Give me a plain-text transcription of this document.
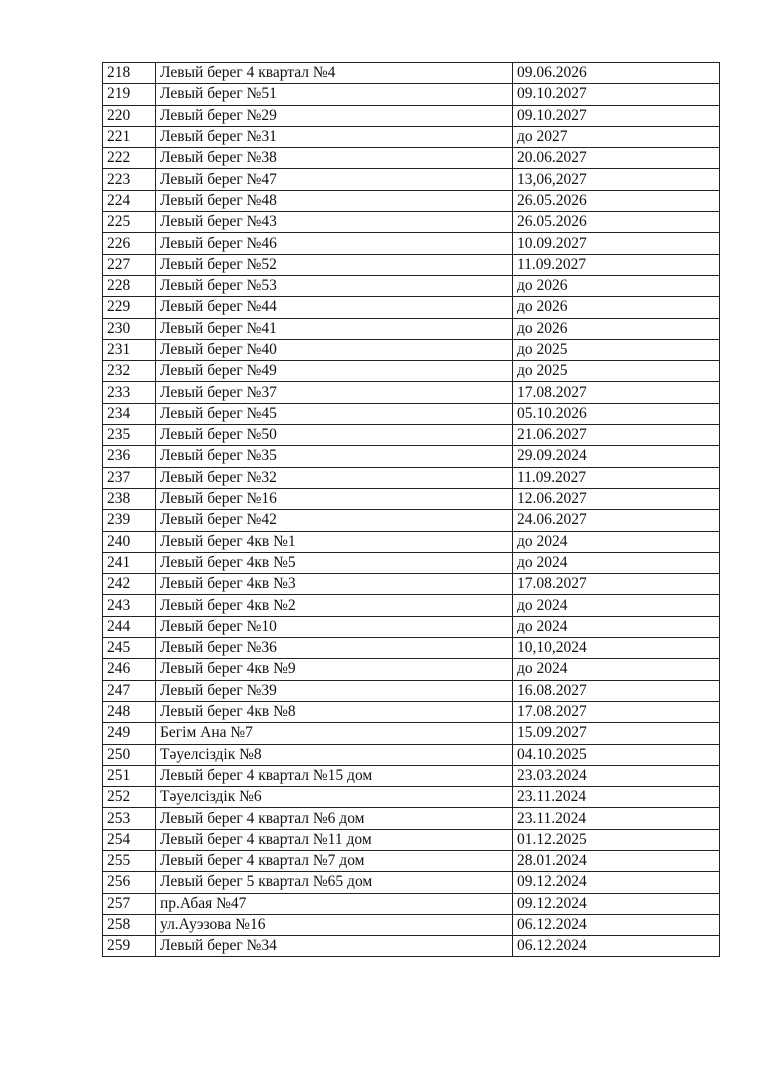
218	Левый берег 4 квартал №4	09.06.2026
219	Левый берег №51	09.10.2027
220	Левый берег №29	09.10.2027
221	Левый берег №31	до 2027
222	Левый берег №38	20.06.2027
223	Левый берег №47	13,06,2027
224	Левый берег №48	26.05.2026
225	Левый берег №43	26.05.2026
226	Левый берег №46	10.09.2027
227	Левый берег №52	11.09.2027
228	Левый берег №53	до 2026
229	Левый берег №44	до 2026
230	Левый берег №41	до 2026
231	Левый берег №40	до 2025
232	Левый берег №49	до 2025
233	Левый берег №37	17.08.2027
234	Левый берег №45	05.10.2026
235	Левый берег №50	21.06.2027
236	Левый берег №35	29.09.2024
237	Левый берег №32	11.09.2027
238	Левый берег №16	12.06.2027
239	Левый берег №42	24.06.2027
240	Левый берег 4кв №1	до 2024
241	Левый берег 4кв №5	до 2024
242	Левый берег 4кв №3	17.08.2027
243	Левый берег 4кв №2	до 2024
244	Левый берег №10	до 2024
245	Левый берег №36	10,10,2024
246	Левый берег 4кв №9	до 2024
247	Левый берег №39	16.08.2027
248	Левый берег 4кв №8	17.08.2027
249	Бегім Ана №7	15.09.2027
250	Тәуелсіздік №8	04.10.2025
251	Левый берег 4 квартал №15 дом	23.03.2024
252	Тәуелсіздік №6	23.11.2024
253	Левый берег 4 квартал №6 дом	23.11.2024
254	Левый берег 4 квартал №11 дом	01.12.2025
255	Левый берег 4 квартал №7 дом	28.01.2024
256	Левый берег 5 квартал №65 дом	09.12.2024
257	пр.Абая №47	09.12.2024
258	ул.Ауэзова №16	06.12.2024
259	Левый берег №34	06.12.2024
